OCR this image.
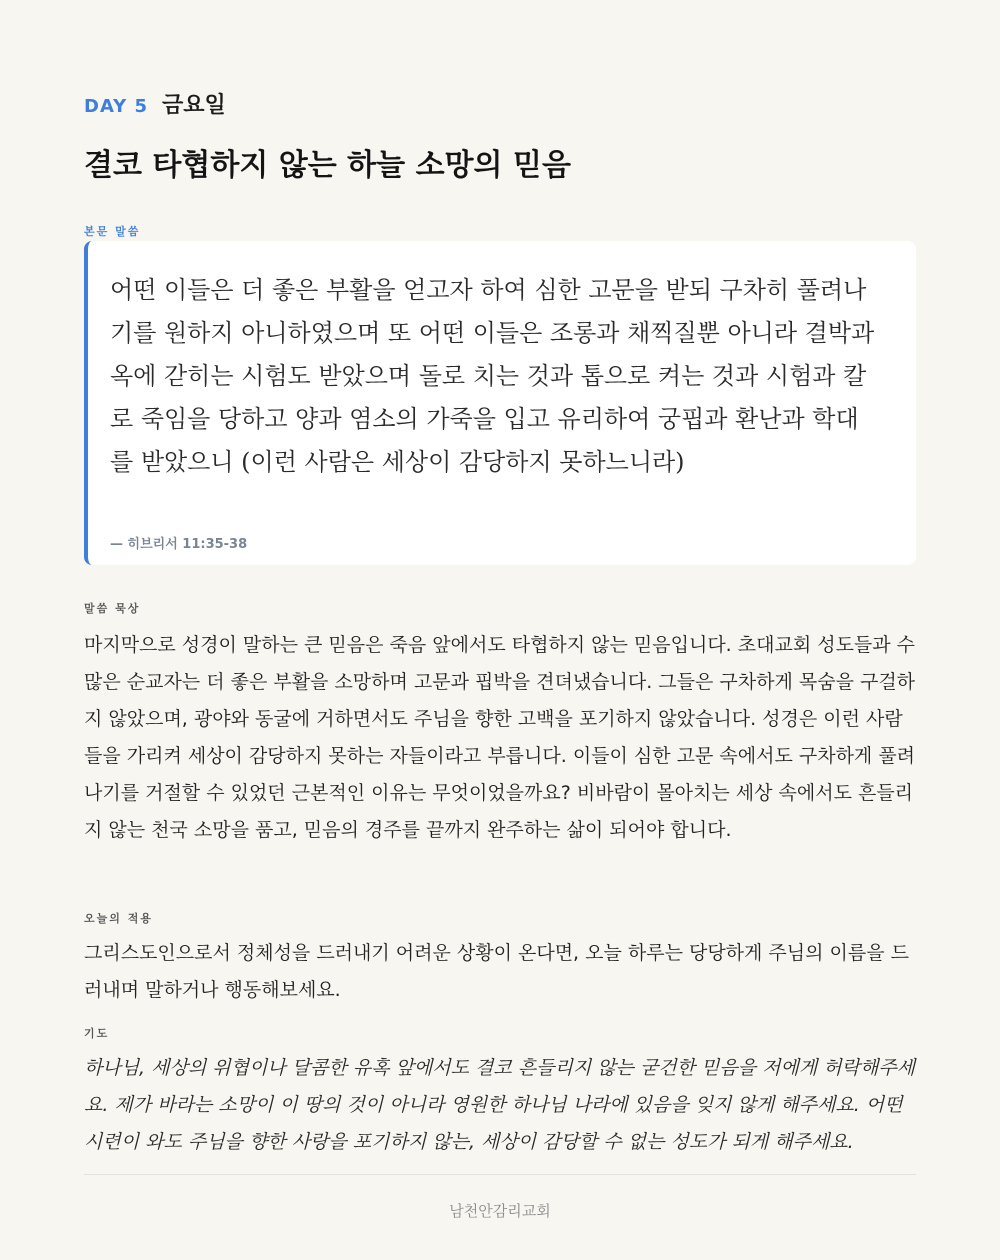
DAY 5 금요일
결코 타협하지 않는 하늘 소망의 믿음
본문 말씀

어떤 이들은 더 좋은 부활을 얻고자 하여 심한 고문을 받되 구차히 풀려나기를 원하지 아니하였으며 또 어떤 이들은 조롱과 채찍질뿐 아니라 결박과 옥에 갇히는 시험도 받았으며 돌로 치는 것과 톱으로 켜는 것과 시험과 칼로 죽임을 당하고 양과 염소의 가죽을 입고 유리하여 궁핍과 환난과 학대를 받았으니 (이런 사람은 세상이 감당하지 못하느니라)

— 히브리서 11:35-38
말씀 묵상

마지막으로 성경이 말하는 큰 믿음은 죽음 앞에서도 타협하지 않는 믿음입니다. 초대교회 성도들과 수많은 순교자는 더 좋은 부활을 소망하며 고문과 핍박을 견뎌냈습니다. 그들은 구차하게 목숨을 구걸하지 않았으며, 광야와 동굴에 거하면서도 주님을 향한 고백을 포기하지 않았습니다. 성경은 이런 사람들을 가리켜 세상이 감당하지 못하는 자들이라고 부릅니다. 이들이 심한 고문 속에서도 구차하게 풀려나기를 거절할 수 있었던 근본적인 이유는 무엇이었을까요? 비바람이 몰아치는 세상 속에서도 흔들리지 않는 천국 소망을 품고, 믿음의 경주를 끝까지 완주하는 삶이 되어야 합니다.

오늘의 적용

그리스도인으로서 정체성을 드러내기 어려운 상황이 온다면, 오늘 하루는 당당하게 주님의 이름을 드러내며 말하거나 행동해보세요.

기도

하나님, 세상의 위협이나 달콤한 유혹 앞에서도 결코 흔들리지 않는 굳건한 믿음을 저에게 허락해주세요. 제가 바라는 소망이 이 땅의 것이 아니라 영원한 하나님 나라에 있음을 잊지 않게 해주세요. 어떤 시련이 와도 주님을 향한 사랑을 포기하지 않는, 세상이 감당할 수 없는 성도가 되게 해주세요.

남천안감리교회
